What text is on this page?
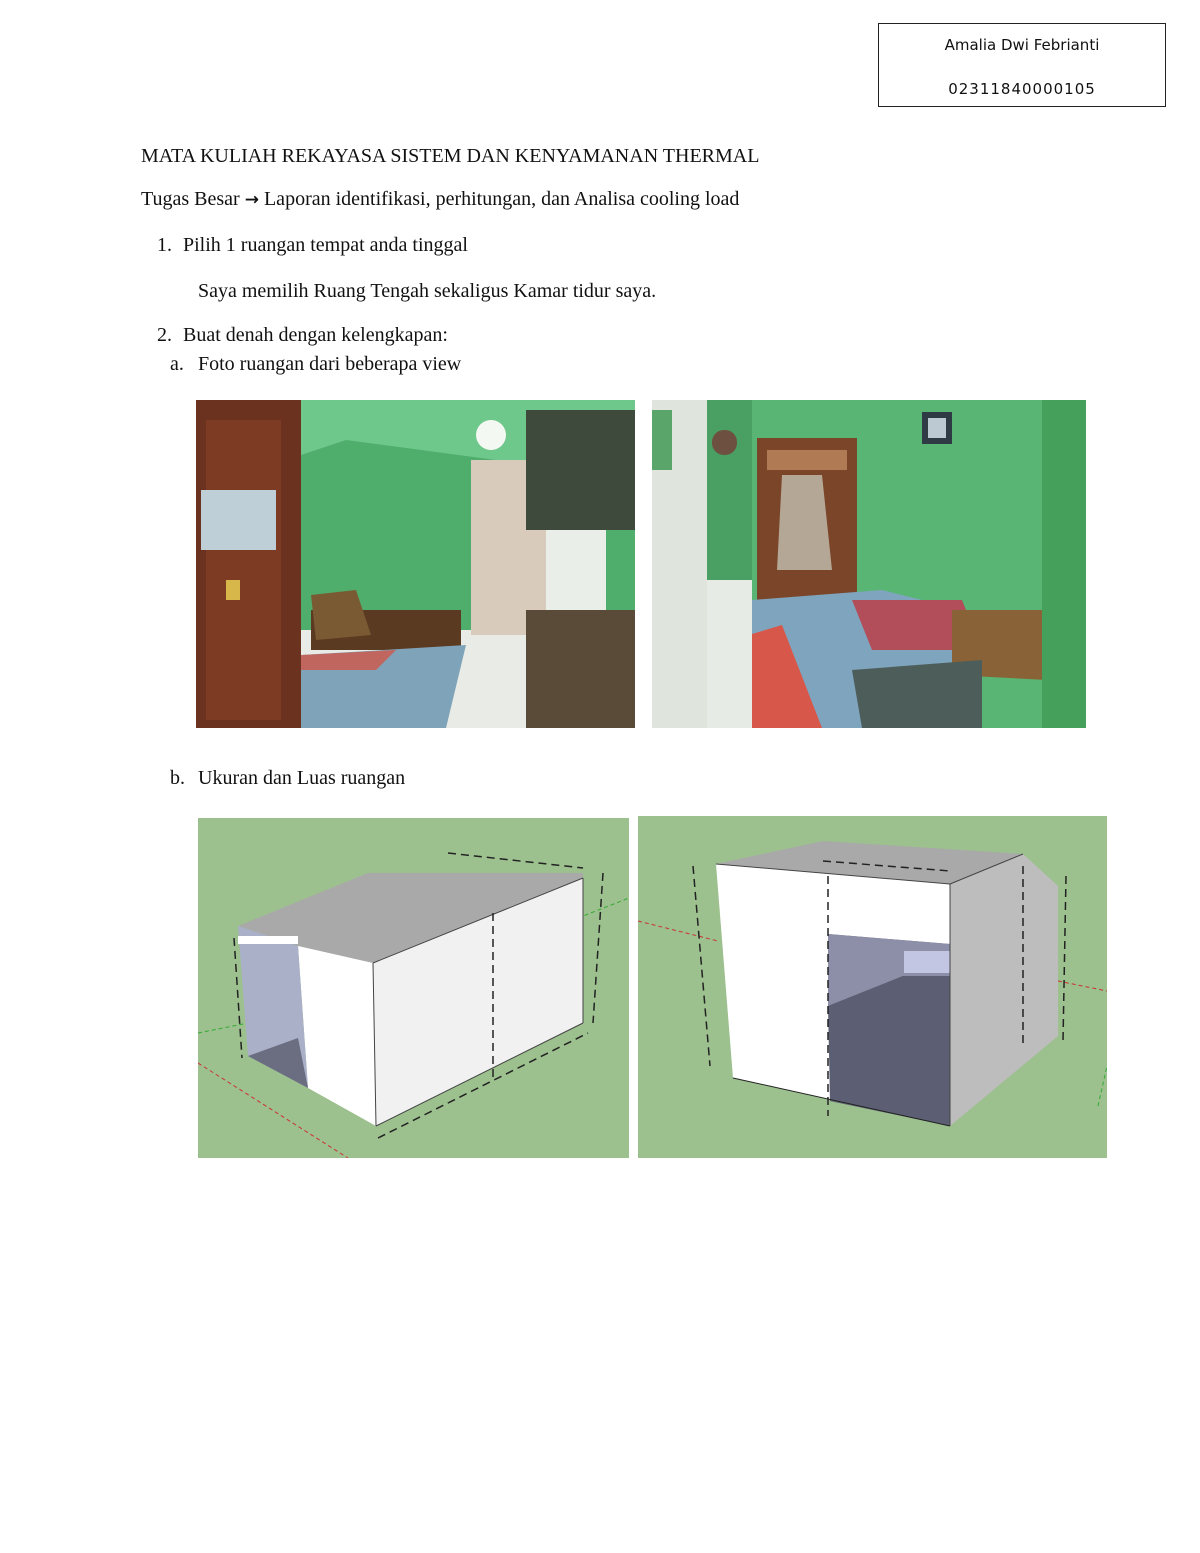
Amalia Dwi Febrianti
02311840000105
MATA KULIAH REKAYASA SISTEM DAN KENYAMANAN THERMAL
Tugas Besar → Laporan identifikasi, perhitungan, dan Analisa cooling load
1. Pilih 1 ruangan tempat anda tinggal
Saya memilih Ruang Tengah sekaligus Kamar tidur saya.
2. Buat denah dengan kelengkapan:
a. Foto ruangan dari beberapa view
b. Ukuran dan Luas ruangan
